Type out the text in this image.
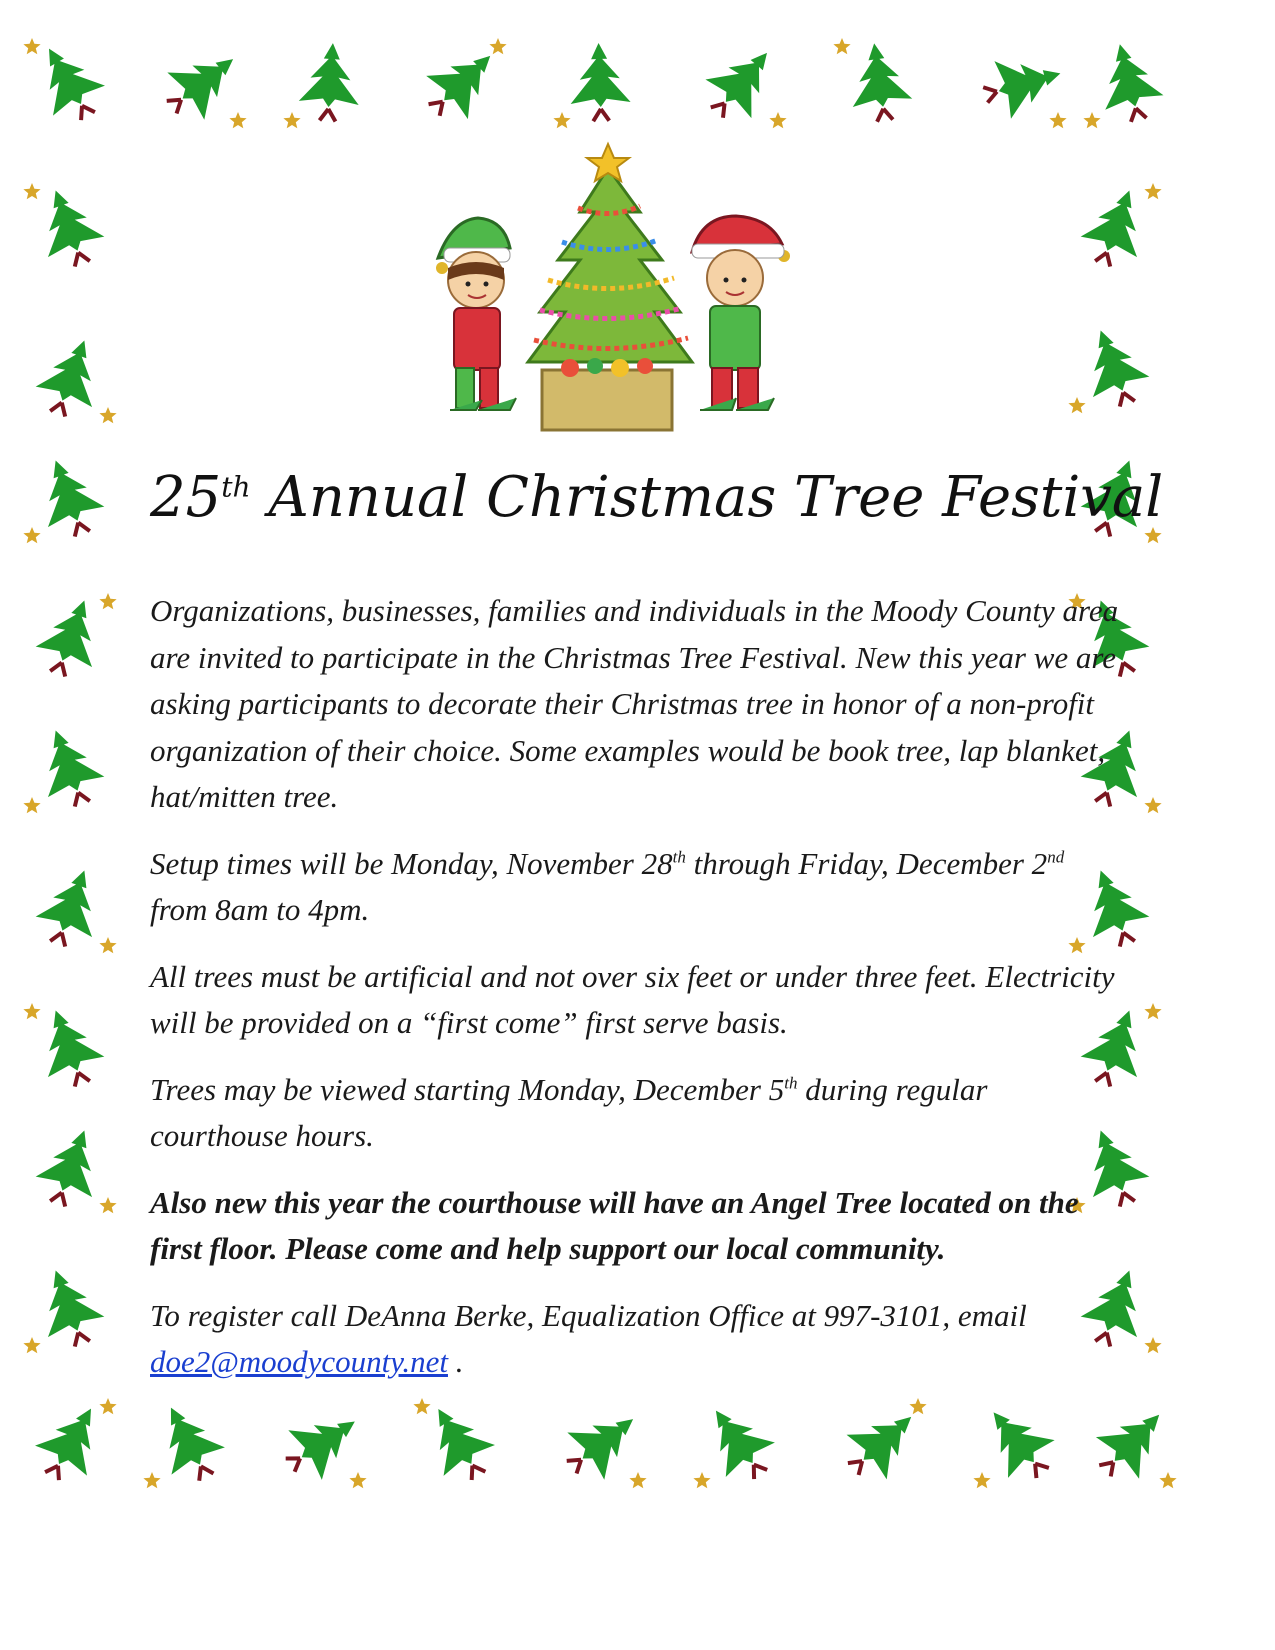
25th Annual Christmas Tree Festival

Organizations, businesses, families and individuals in the Moody County area are invited to participate in the Christmas Tree Festival. New this year we are asking participants to decorate their Christmas tree in honor of a non-profit organization of their choice. Some examples would be book tree, lap blanket, hat/mitten tree.

Setup times will be Monday, November 28th through Friday, December 2nd from 8am to 4pm.

All trees must be artificial and not over six feet or under three feet. Electricity will be provided on a “first come” first serve basis.

Trees may be viewed starting Monday, December 5th during regular courthouse hours.

Also new this year the courthouse will have an Angel Tree located on the first floor. Please come and help support our local community.

To register call DeAnna Berke, Equalization Office at 997-3101, email doe2@moodycounty.net .
